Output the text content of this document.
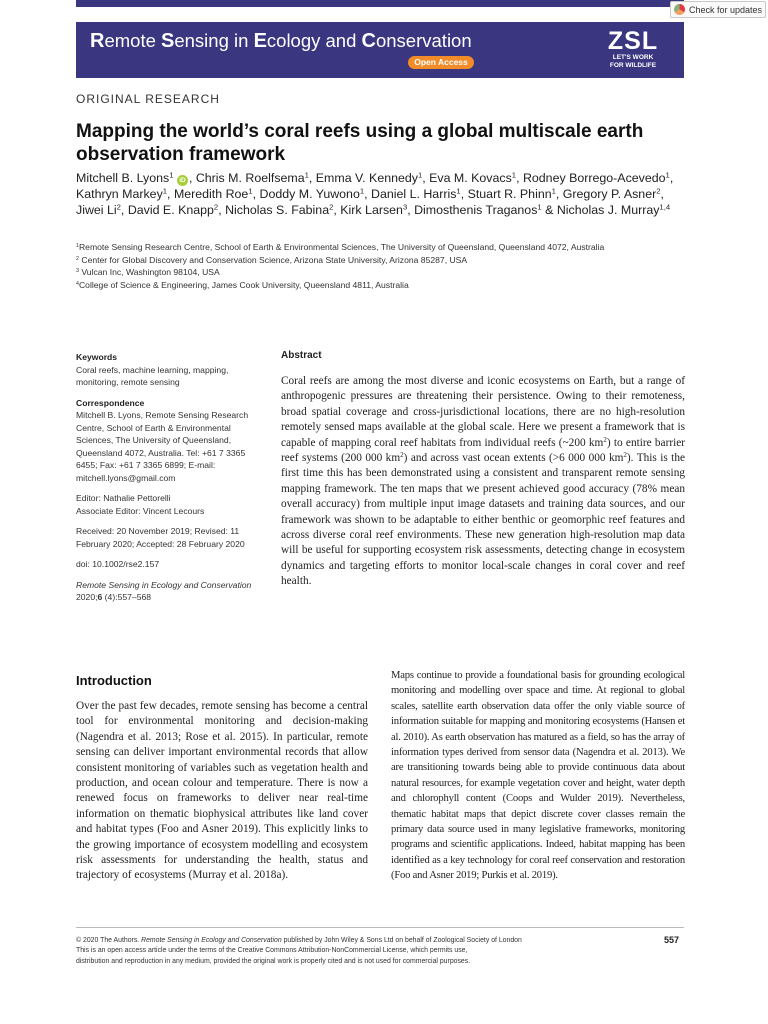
Check for updates
Remote Sensing in Ecology and Conservation
Open Access
ZSL
LET'S WORK
FOR WILDLIFE
ORIGINAL RESEARCH
Mapping the world’s coral reefs using a global multiscale earth observation framework
Mitchell B. Lyons$^1$ iD , Chris M. Roelfsema$^1$, Emma V. Kennedy$^1$, Eva M. Kovacs$^1$, Rodney Borrego-Acevedo$^1$, Kathryn Markey$^1$, Meredith Roe$^1$, Doddy M. Yuwono$^1$, Daniel L. Harris$^1$, Stuart R. Phinn$^1$, Gregory P. Asner$^2$, Jiwei Li$^2$, David E. Knapp$^2$, Nicholas S. Fabina$^2$, Kirk Larsen$^3$, Dimosthenis Traganos$^1$ & Nicholas J. Murray$^{1,4}$
$^1$Remote Sensing Research Centre, School of Earth & Environmental Sciences, The University of Queensland, Queensland 4072, Australia
$^2$ Center for Global Discovery and Conservation Science, Arizona State University, Arizona 85287, USA
$^3$ Vulcan Inc, Washington 98104, USA
$^4$College of Science & Engineering, James Cook University, Queensland 4811, Australia
Keywords
Coral reefs, machine learning, mapping, monitoring, remote sensing
Correspondence
Mitchell B. Lyons, Remote Sensing Research Centre, School of Earth & Environmental Sciences, The University of Queensland, Queensland 4072, Australia. Tel: +61 7 3365 6455; Fax: +61 7 3365 6899; E-mail: mitchell.lyons@gmail.com
Editor: Nathalie Pettorelli
Associate Editor: Vincent Lecours
Received: 20 November 2019; Revised: 11 February 2020; Accepted: 28 February 2020
doi: 10.1002/rse2.157
Remote Sensing in Ecology and Conservation 2020;6 (4):557–568
Abstract
Coral reefs are among the most diverse and iconic ecosystems on Earth, but a range of anthropogenic pressures are threatening their persistence. Owing to their remoteness, broad spatial coverage and cross-jurisdictional locations, there are no high-resolution remotely sensed maps available at the global scale. Here we present a framework that is capable of mapping coral reef habitats from individual reefs (~200 $km^2$) to entire barrier reef systems (200 000 $km^2$) and across vast ocean extents (>6 000 000 $km^2$). This is the first time this has been demonstrated using a consistent and transparent remote sensing mapping framework. The ten maps that we present achieved good accuracy (78% mean overall accuracy) from multiple input image datasets and training data sources, and our framework was shown to be adaptable to either benthic or geomorphic reef features and across diverse coral reef environments. These new generation high-resolution map data will be useful for supporting ecosystem risk assessments, detecting change in ecosystem dynamics and targeting efforts to monitor local-scale changes in coral cover and reef health.
Introduction
Over the past few decades, remote sensing has become a central tool for environmental monitoring and decision-making (Nagendra et al. 2013; Rose et al. 2015). In particular, remote sensing can deliver important environmental records that allow consistent monitoring of variables such as vegetation health and production, and ocean colour and temperature. There is now a renewed focus on frameworks to deliver near real-time information on thematic biophysical attributes like land cover and habitat types (Foo and Asner 2019). This explicitly links to the growing importance of ecosystem modelling and ecosystem risk assessments for understanding the health, status and trajectory of ecosystems (Murray et al. 2018a).
Maps continue to provide a foundational basis for grounding ecological monitoring and modelling over space and time. At regional to global scales, satellite earth observation data offer the only viable source of information suitable for mapping and monitoring ecosystems (Hansen et al. 2010). As earth observation has matured as a field, so has the array of information types derived from sensor data (Nagendra et al. 2013). We are transitioning towards being able to provide continuous data about natural resources, for example vegetation cover and height, water depth and chlorophyll content (Coops and Wulder 2019). Nevertheless, thematic habitat maps that depict discrete cover classes remain the primary data source used in many legislative frameworks, monitoring programs and scientific applications. Indeed, habitat mapping has been identified as a key technology for coral reef conservation and restoration (Foo and Asner 2019; Purkis et al. 2019).
© 2020 The Authors. Remote Sensing in Ecology and Conservation published by John Wiley & Sons Ltd on behalf of Zoological Society of London
This is an open access article under the terms of the Creative Commons Attribution-NonCommercial License, which permits use,
distribution and reproduction in any medium, provided the original work is properly cited and is not used for commercial purposes.
557
